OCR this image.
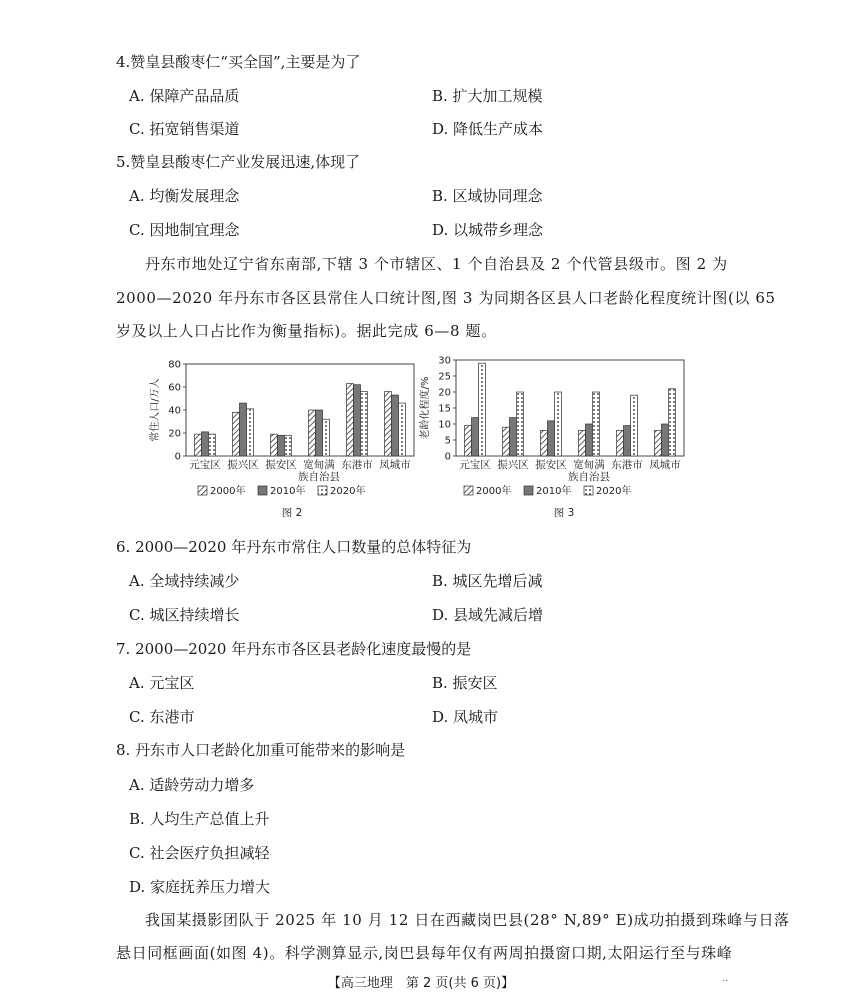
4.赞皇县酸枣仁“买全国”,主要是为了
A. 保障产品品质	B. 扩大加工规模
C. 拓宽销售渠道	D. 降低生产成本
5.赞皇县酸枣仁产业发展迅速,体现了
A. 均衡发展理念	B. 区域协同理念
C. 因地制宜理念	D. 以城带乡理念
丹东市地处辽宁省东南部,下辖 3 个市辖区、1 个自治县及 2 个代管县级市。图 2 为
2000—2020 年丹东市各区县常住人口统计图,图 3 为同期各区县人口老龄化程度统计图(以 65
岁及以上人口占比作为衡量指标)。据此完成 6—8 题。
常住人口/万人
0
20
40
60
80
元宝区 振兴区 振安区 宽甸满 东港市 凤城市
族自治县
2000年 2010年 2020年
图 2
老龄化程度/%
0
5
10
15
20
25
30
元宝区 振兴区 振安区 宽甸满 东港市 凤城市
族自治县
2000年 2010年 2020年
图 3
6. 2000—2020 年丹东市常住人口数量的总体特征为
A. 全域持续减少	B. 城区先增后减
C. 城区持续增长	D. 县域先减后增
7. 2000—2020 年丹东市各区县老龄化速度最慢的是
A. 元宝区	B. 振安区
C. 东港市	D. 凤城市
8. 丹东市人口老龄化加重可能带来的影响是
A. 适龄劳动力增多
B. 人均生产总值上升
C. 社会医疗负担减轻
D. 家庭抚养压力增大
我国某摄影团队于 2025 年 10 月 12 日在西藏岗巴县(28° N,89° E)成功拍摄到珠峰与日落
悬日同框画面(如图 4)。科学测算显示,岗巴县每年仅有两周拍摄窗口期,太阳运行至与珠峰
【高三地理　第 2 页(共 6 页)】	··
